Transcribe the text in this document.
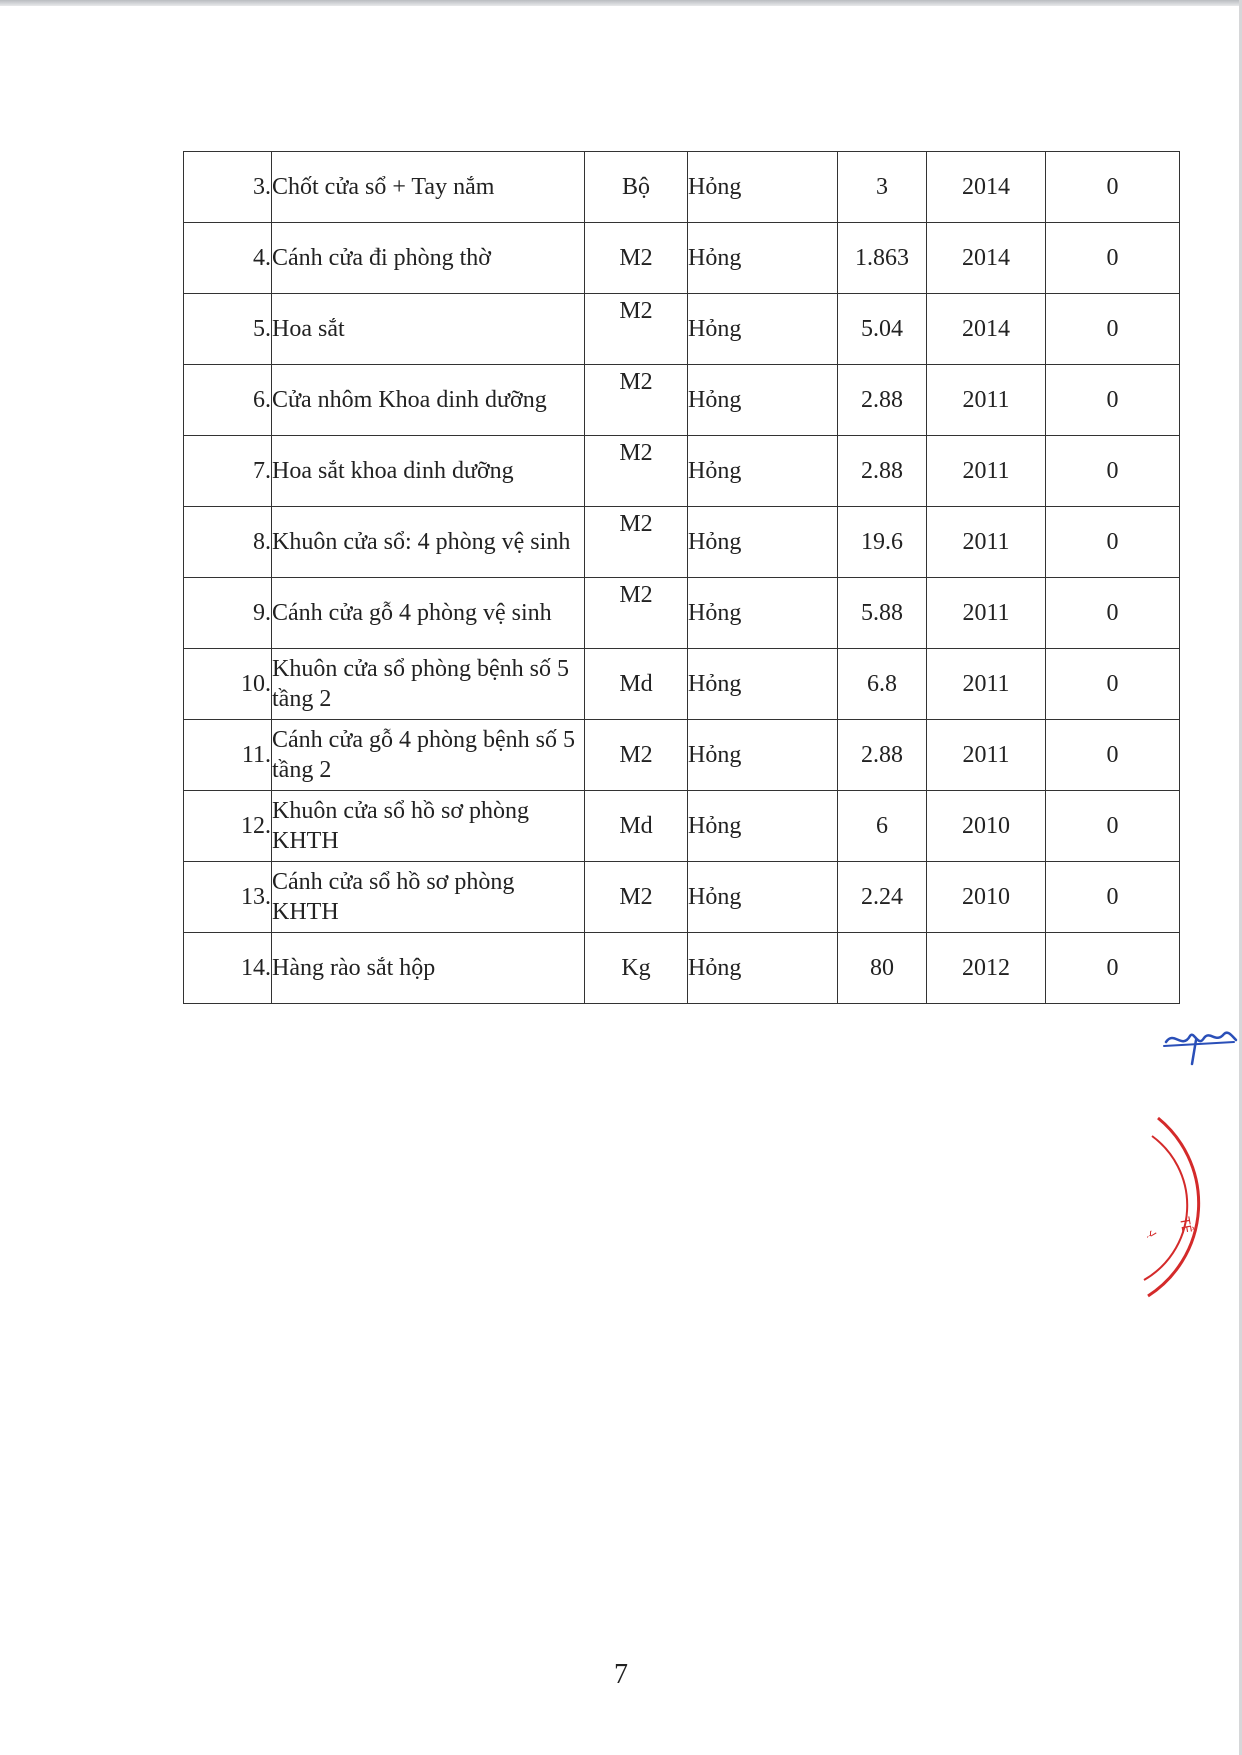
3.	Chốt cửa sổ + Tay nắm	Bộ	Hỏng	3	2014	0
4.	Cánh cửa đi phòng thờ	M2	Hỏng	1.863	2014	0
5.	Hoa sắt	M2	Hỏng	5.04	2014	0
6.	Cửa nhôm Khoa dinh dưỡng	M2	Hỏng	2.88	2011	0
7.	Hoa sắt khoa dinh dưỡng	M2	Hỏng	2.88	2011	0
8.	Khuôn cửa sổ: 4 phòng vệ sinh	M2	Hỏng	19.6	2011	0
9.	Cánh cửa gỗ 4 phòng vệ sinh	M2	Hỏng	5.88	2011	0
10.	Khuôn cửa sổ phòng bệnh số 5 tầng 2	Md	Hỏng	6.8	2011	0
11.	Cánh cửa gỗ 4 phòng bệnh số 5 tầng 2	M2	Hỏng	2.88	2011	0
12.	Khuôn cửa sổ hồ sơ phòng KHTH	Md	Hỏng	6	2010	0
13.	Cánh cửa sổ hồ sơ phòng KHTH	M2	Hỏng	2.24	2010	0
14.	Hàng rào sắt hộp	Kg	Hỏng	80	2012	0
TẾ
ܓ
7
